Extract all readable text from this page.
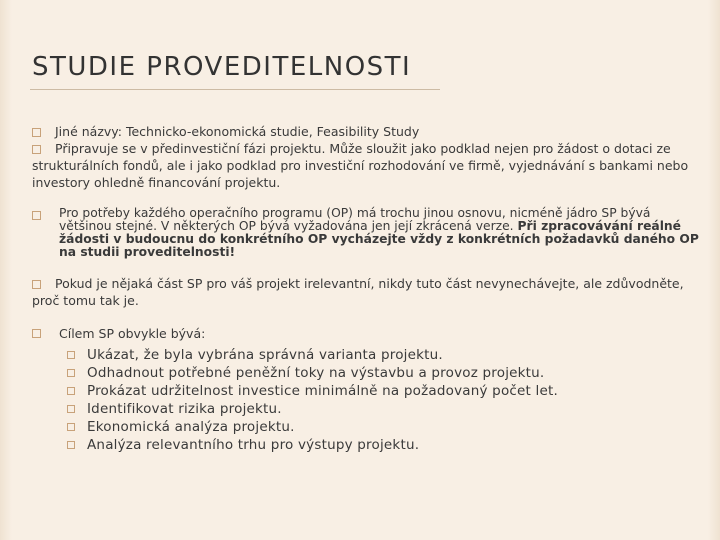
STUDIE PROVEDITELNOSTI

Jiné názvy: Technicko-ekonomická studie, Feasibility Study

Připravuje se v předinvestiční fázi projektu. Může sloužit jako podklad nejen pro žádost o dotaci ze strukturálních fondů, ale i jako podklad pro investiční rozhodování ve firmě, vyjednávání s bankami nebo investory ohledně financování projektu.

Pro potřeby každého operačního programu (OP) má trochu jinou osnovu, nicméně jádro SP bývá většinou stejné. V některých OP bývá vyžadována jen její zkrácená verze. Při zpracovávání reálné žádosti v budoucnu do konkrétního OP vycházejte vždy z konkrétních požadavků daného OP na studii proveditelnosti!

Pokud je nějaká část SP pro váš projekt irelevantní, nikdy tuto část nevynechávejte, ale zdůvodněte, proč tomu tak je.

Cílem SP obvykle bývá:
Ukázat, že byla vybrána správná varianta projektu.
Odhadnout potřebné peněžní toky na výstavbu a provoz projektu.
Prokázat udržitelnost investice minimálně na požadovaný počet let.
Identifikovat rizika projektu.
Ekonomická analýza projektu.
Analýza relevantního trhu pro výstupy projektu.
